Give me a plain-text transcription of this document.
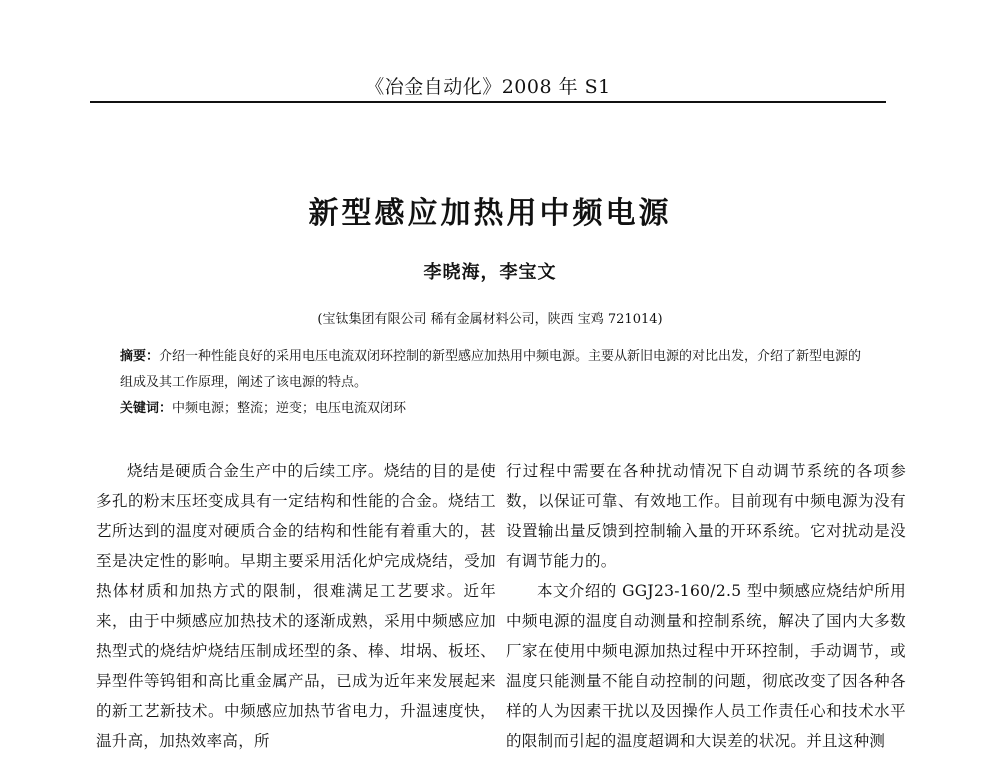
《冶金自动化》2008 年 S1
新型感应加热用中频电源
李晓海，李宝文
(宝钛集团有限公司 稀有金属材料公司，陕西 宝鸡 721014)

摘要：介绍一种性能良好的采用电压电流双闭环控制的新型感应加热用中频电源。主要从新旧电源的对比出发，介绍了新型电源的组成及其工作原理，阐述了该电源的特点。

关键词：中频电源；整流；逆变；电压电流双闭环

烧结是硬质合金生产中的后续工序。烧结的目的是使多孔的粉末压坯变成具有一定结构和性能的合金。烧结工艺所达到的温度对硬质合金的结构和性能有着重大的，甚至是决定性的影响。早期主要采用活化炉完成烧结，受加热体材质和加热方式的限制，很难满足工艺要求。近年来，由于中频感应加热技术的逐渐成熟，采用中频感应加热型式的烧结炉烧结压制成坯型的条、棒、坩埚、板坯、异型件等钨钼和高比重金属产品，已成为近年来发展起来的新工艺新技术。中频感应加热节省电力，升温速度快，温升高，加热效率高，所

行过程中需要在各种扰动情况下自动调节系统的各项参数，以保证可靠、有效地工作。目前现有中频电源为没有设置输出量反馈到控制输入量的开环系统。它对扰动是没有调节能力的。

本文介绍的 GGJ23-160/2.5 型中频感应烧结炉所用中频电源的温度自动测量和控制系统，解决了国内大多数厂家在使用中频电源加热过程中开环控制，手动调节，或温度只能测量不能自动控制的问题，彻底改变了因各种各样的人为因素干扰以及因操作人员工作责任心和技术水平的限制而引起的温度超调和大误差的状况。并且这种测
